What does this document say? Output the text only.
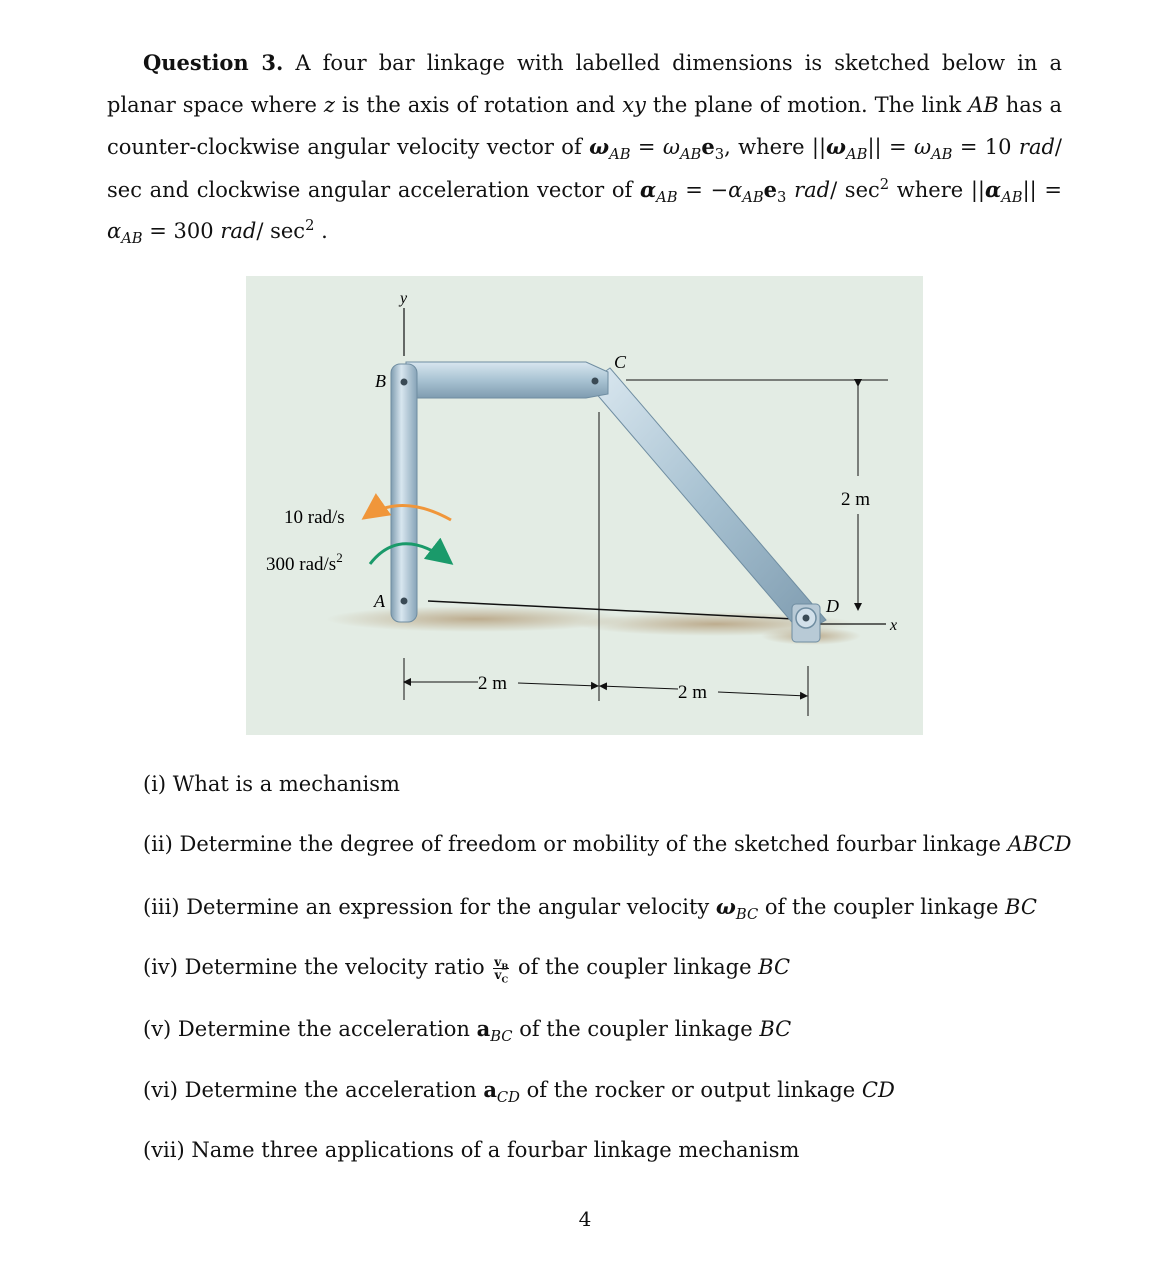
Question 3. A four bar linkage with labelled dimensions is sketched below in a planar space where z is the axis of rotation and xy the plane of motion. The link AB has a counter-clockwise angular velocity vector of $\omega_{AB} = \omega_{AB}e_3$, where $||\omega_{AB}|| = \omega_{AB} = 10$ rad/ sec and clockwise angular acceleration vector of $\alpha_{AB} = -\alpha_{AB}e_3$ rad/ $\sec^2$ where $||\alpha_{AB}|| = \alpha_{AB} = 300$ rad/ $\sec^2$ .
y
x
B
C
A	D
10 rad/s
300 rad/$s^2$
2 m
2 m	2 m
(i) What is a mechanism
(ii) Determine the degree of freedom or mobility of the sketched fourbar linkage ABCD
(iii) Determine an expression for the angular velocity $\omega_{BC}$ of the coupler linkage BC
(iv) Determine the velocity ratio $\frac{v_B}{v_C}$ of the coupler linkage BC
(v) Determine the acceleration $a_{BC}$ of the coupler linkage BC
(vi) Determine the acceleration $a_{CD}$ of the rocker or output linkage CD
(vii) Name three applications of a fourbar linkage mechanism
4
